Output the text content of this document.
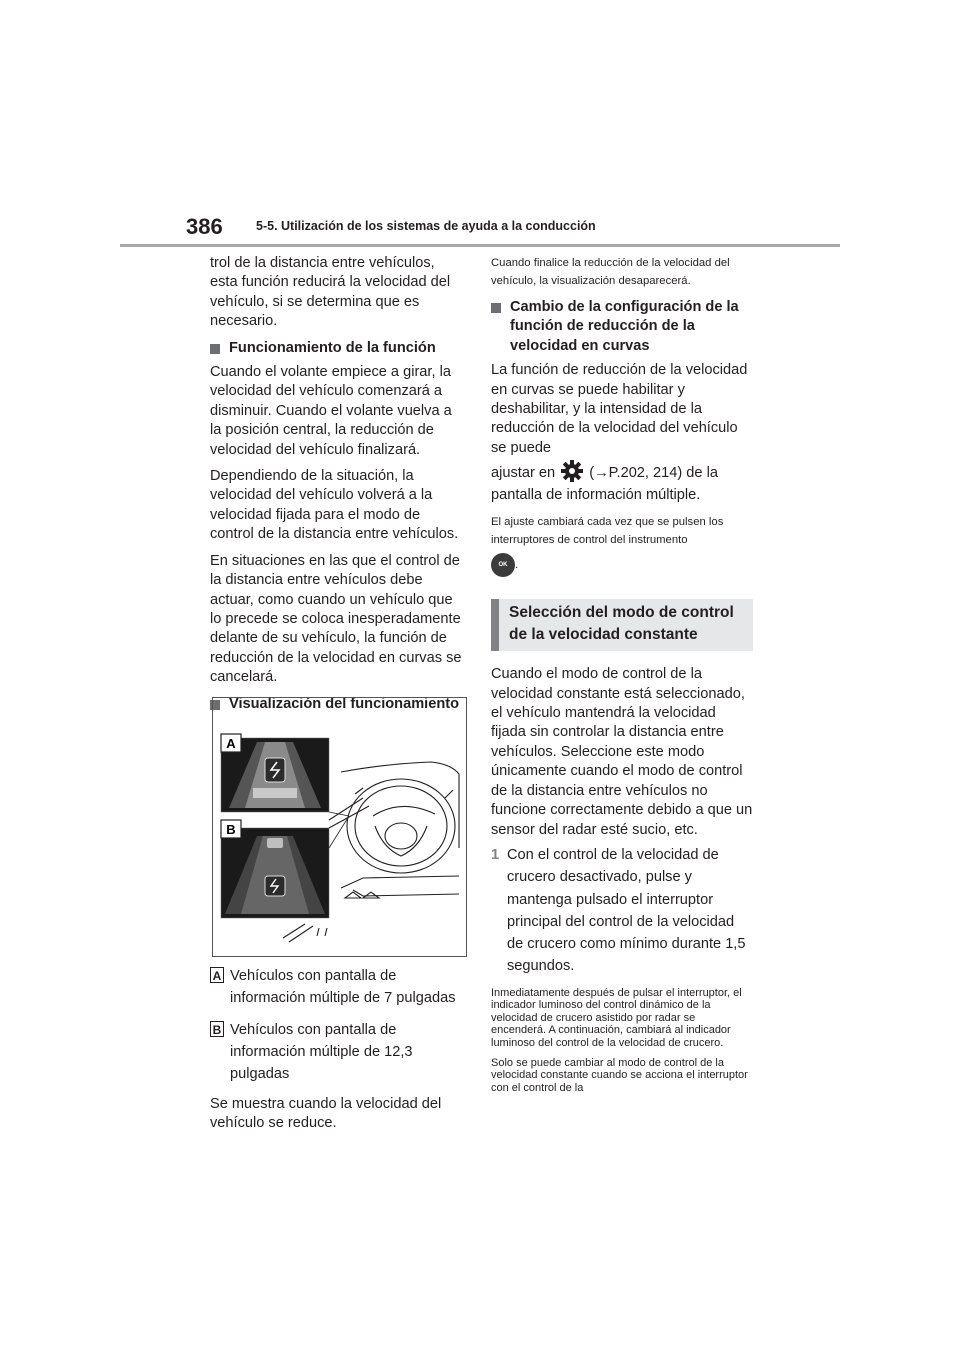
386	5-5. Utilización de los sistemas de ayuda a la conducción

trol de la distancia entre vehículos, esta función reducirá la velocidad del vehículo, si se determina que es necesario.

Funcionamiento de la función

Cuando el volante empiece a girar, la velocidad del vehículo comenzará a disminuir. Cuando el volante vuelva a la posición central, la reducción de velocidad del vehículo finalizará.

Dependiendo de la situación, la velocidad del vehículo volverá a la velocidad fijada para el modo de control de la distancia entre vehículos.

En situaciones en las que el control de la distancia entre vehículos debe actuar, como cuando un vehículo que lo precede se coloca inesperadamente delante de su vehículo, la función de reducción de la velocidad en curvas se cancelará.

Visualización del funcionamiento
A
B
A Vehículos con pantalla de información múltiple de 7 pulgadas
B Vehículos con pantalla de información múltiple de 12,3 pulgadas

Se muestra cuando la velocidad del vehículo se reduce.

Cuando finalice la reducción de la velocidad del vehículo, la visualización desaparecerá.

Cambio de la configuración de la función de reducción de la velocidad en curvas

La función de reducción de la velocidad en curvas se puede habilitar y deshabilitar, y la intensidad de la reducción de la velocidad del vehículo se puede

ajustar en (→P.202, 214) de la pantalla de información múltiple.

El ajuste cambiará cada vez que se pulsen los interruptores de control del instrumento

OK .

Selección del modo de control de la velocidad constante

Cuando el modo de control de la velocidad constante está seleccionado, el vehículo mantendrá la velocidad fijada sin controlar la distancia entre vehículos. Seleccione este modo únicamente cuando el modo de control de la distancia entre vehículos no funcione correctamente debido a que un sensor del radar esté sucio, etc.

1 Con el control de la velocidad de crucero desactivado, pulse y mantenga pulsado el interruptor principal del control de la velocidad de crucero como mínimo durante 1,5 segundos.

Inmediatamente después de pulsar el interruptor, el indicador luminoso del control dinámico de la velocidad de crucero asistido por radar se encenderá. A continuación, cambiará al indicador luminoso del control de la velocidad de crucero.

Solo se puede cambiar al modo de control de la velocidad constante cuando se acciona el interruptor con el control de la
